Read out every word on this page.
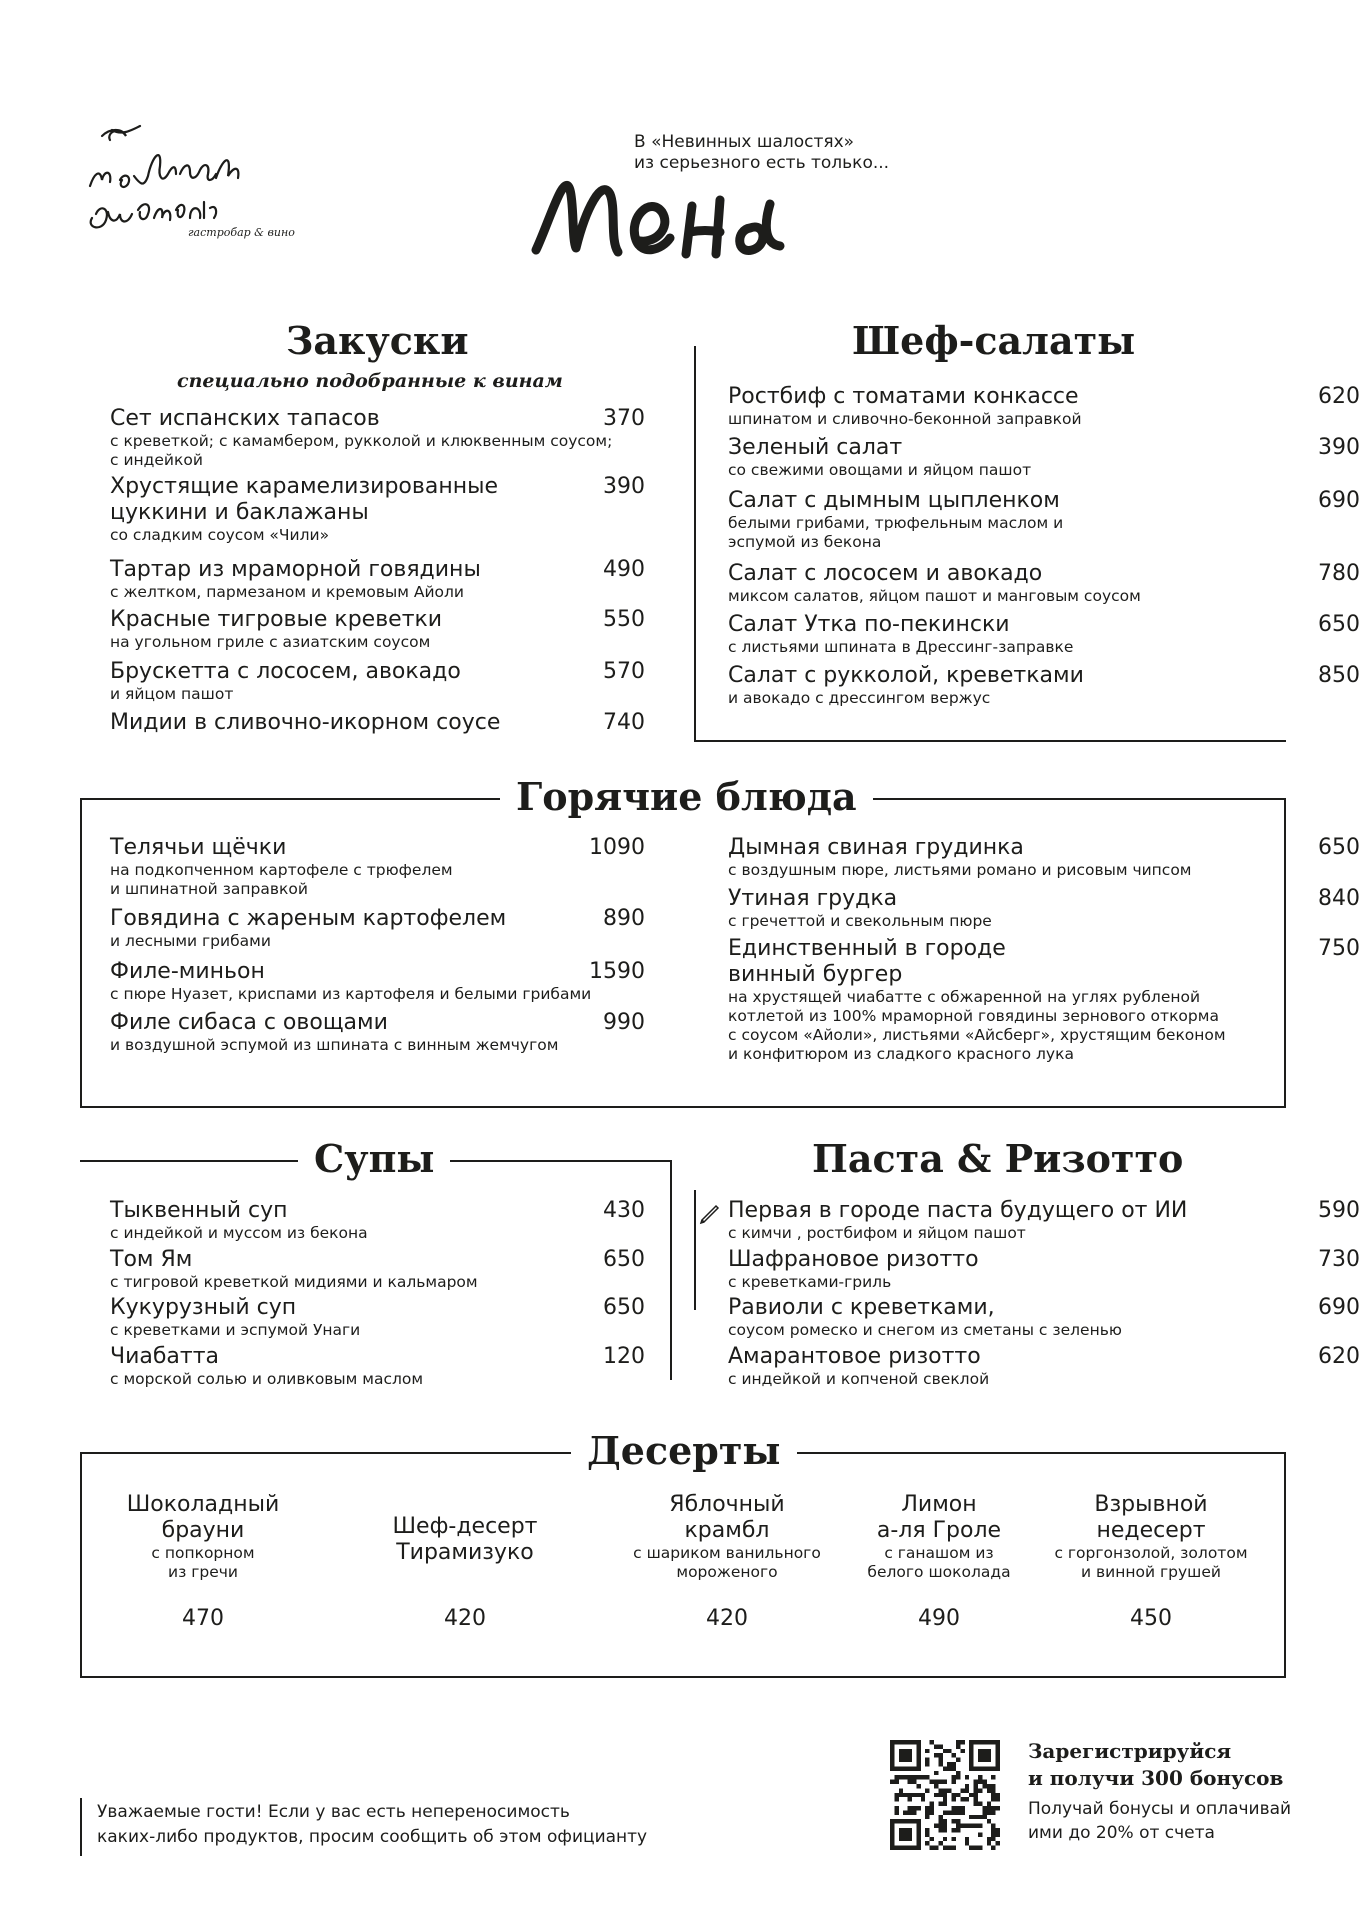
гастробар & вино
В «Невинных шалостях»
из серьезного есть только...
Закуски
специально подобранные к винам
Сет испанских тапасов
с креветкой; с камамбером, рукколой и клюквенным соусом;
с индейкой
370
Хрустящие карамелизированные
цуккини и баклажаны
со сладким соусом «Чили»
390
Тартар из мраморной говядины
с желтком, пармезаном и кремовым Айоли
490
Красные тигровые креветки
на угольном гриле с азиатским соусом
550
Брускетта с лососем, авокадо
и яйцом пашот
570
Мидии в сливочно-икорном соусе	740
Шеф-салаты
Ростбиф с томатами конкассе
шпинатом и сливочно-беконной заправкой
620
Зеленый салат
со свежими овощами и яйцом пашот
390
Салат с дымным цыпленком
белыми грибами, трюфельным маслом и
эспумой из бекона
690
Салат с лососем и авокадо
миксом салатов, яйцом пашот и манговым соусом
780
Салат Утка по-пекински
с листьями шпината в Дрессинг-заправке
650
Салат с рукколой, креветками
и авокадо с дрессингом вержус
850
Горячие блюда
Телячьи щёчки
на подкопченном картофеле с трюфелем
и шпинатной заправкой
1090
Говядина с жареным картофелем
и лесными грибами
890
Филе-миньон
с пюре Нуазет, криспами из картофеля и белыми грибами
1590
Филе сибаса с овощами
и воздушной эспумой из шпината с винным жемчугом
990
Дымная свиная грудинка
с воздушным пюре, листьями романо и рисовым чипсом
650
Утиная грудка
с гречеттой и свекольным пюре
840
Единственный в городе
винный бургер
на хрустящей чиабатте с обжаренной на углях рубленой
котлетой из 100% мраморной говядины зернового откорма
с соусом «Айоли», листьями «Айсберг», хрустящим беконом
и конфитюром из сладкого красного лука
750
Супы
Тыквенный суп
с индейкой и муссом из бекона
430
Том Ям
с тигровой креветкой мидиями и кальмаром
650
Кукурузный суп
с креветками и эспумой Унаги
650
Чиабатта
с морской солью и оливковым маслом
120
Паста & Ризотто
Первая в городе паста будущего от ИИ
с кимчи , ростбифом и яйцом пашот
590
Шафрановое ризотто
с креветками-гриль
730
Равиоли с креветками,
соусом ромеско и снегом из сметаны с зеленью
690
Амарантовое ризотто
с индейкой и копченой свеклой
620
Десерты
Шоколадный
брауни
с попкорном
из гречи
470
Шеф-десерт
Тирамизуко
420
Яблочный
крамбл
с шариком ванильного
мороженого
420
Лимон
а-ля Гроле
с ганашом из
белого шоколада
490
Взрывной
недесерт
с горгонзолой, золотом
и винной грушей
450
Уважаемые гости! Если у вас есть непереносимость
каких-либо продуктов, просим сообщить об этом официанту
Зарегистрируйся
и получи 300 бонусов
Получай бонусы и оплачивай
ими до 20% от счета
